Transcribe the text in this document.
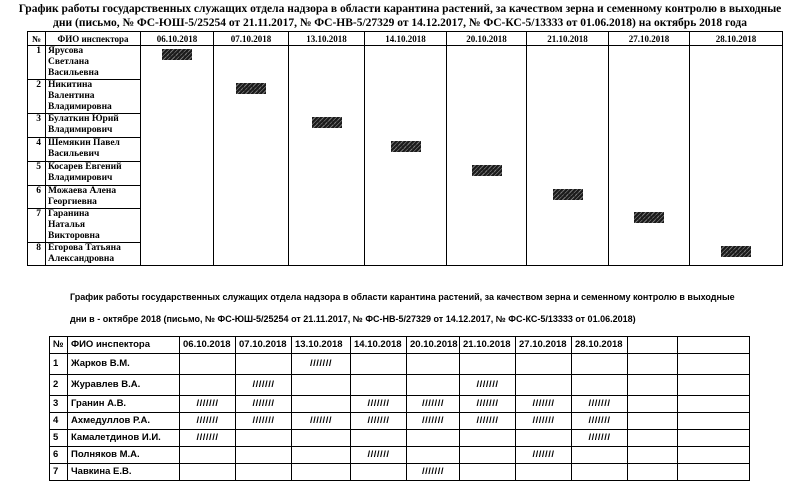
График работы государственных служащих отдела надзора в области карантина растений, за качеством зерна и семенному контролю в выходные
дни (письмо, № ФС-ЮШ-5/25254 от 21.11.2017, № ФС-НВ-5/27329 от 14.12.2017, № ФС-КС-5/13333 от 01.06.2018) на октябрь 2018 года
№	ФИО инспектора	06.10.2018	07.10.2018	13.10.2018	14.10.2018	20.10.2018	21.10.2018	27.10.2018	28.10.2018
1	Ярусова
Светлана
Васильевна	//////////							

2	Никитина
Валентина
Владимировна		//////////						

3	Булаткин Юрий
Владимирович			//////////					

4	Шемякин Павел
Васильевич				//////////				

5	Косарев Евгений
Владимирович					//////////			

6	Можаева Алена
Георгиевна						//////////		

7	Гаранина
Наталья
Викторовна							//////////	

8	Егорова Татьяна
Александровна								//////////
График работы государственных служащих отдела надзора в области карантина растений, за качеством зерна и семенному контролю в выходные
дни в - октябре 2018 (письмо, № ФС-ЮШ-5/25254 от 21.11.2017, № ФС-НВ-5/27329 от 14.12.2017, № ФС-КС-5/13333 от 01.06.2018)
№	ФИО инспектора	06.10.2018	07.10.2018	13.10.2018	14.10.2018	20.10.2018	21.10.2018	27.10.2018	28.10.2018		
1	Жарков В.М.			///////							
2	Журавлев В.А.		///////				///////				
3	Гранин А.В.	///////	///////		///////	///////	///////	///////	///////		
4	Ахмедуллов Р.А.	///////	///////	///////	///////	///////	///////	///////	///////		
5	Камалетдинов И.И.	///////							///////		
6	Полняков М.А.				///////			///////			
7	Чавкина Е.В.					///////					
